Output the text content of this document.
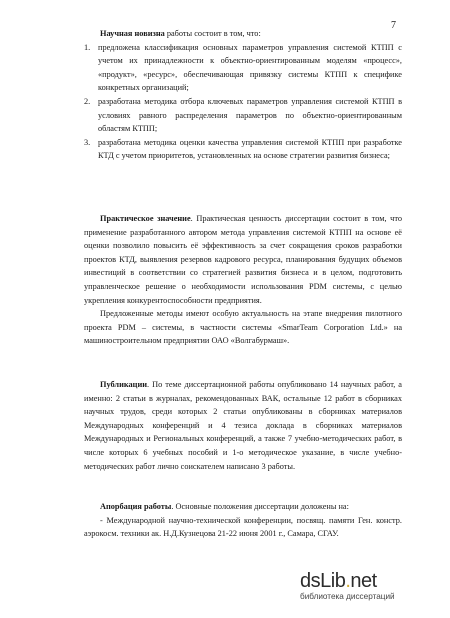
7

Научная новизна работы состоит в том, что:

1. предложена классификация основных параметров управления системой КТПП с учетом их принадлежности к объектно-ориентированным моделям «процесс», «продукт», «ресурс», обеспечивающая привязку системы КТПП к специфике конкретных организаций;
2. разработана методика отбора ключевых параметров управления системой КТПП в условиях равного распределения параметров по объектно-ориентированным областям КТПП;
3. разработана методика оценки качества управления системой КТПП при разработке КТД с учетом приоритетов, установленных на основе стратегии развития бизнеса;

Практическое значение. Практическая ценность диссертации состоит в том, что применение разработанного автором метода управления системой КТПП на основе её оценки позволило повысить её эффективность за счет сокращения сроков разработки проектов КТД, выявления резервов кадрового ресурса, планирования будущих объемов инвестиций в соответствии со стратегией развития бизнеса и в целом, подготовить управленческое решение о необходимости использования PDM системы, с целью укрепления конкурентоспособности предприятия.

Предложенные методы имеют особую актуальность на этапе внедрения пилотного проекта PDM – системы, в частности системы «SmarTeam Corporation Ltd.» на машиностроительном предприятии ОАО «Волгабурмаш».

Публикации. По теме диссертационной работы опубликовано 14 научных работ, а именно: 2 статьи в журналах, рекомендованных ВАК, остальные 12 работ в сборниках научных трудов, среди которых 2 статьи опубликованы в сборниках материалов Международных конференций и 4 тезиса доклада в сборниках материалов Международных и Региональных конференций, а также 7 учебно-методических работ, в числе которых 6 учебных пособий и 1-о методическое указание, в числе учебно-методических работ лично соискателем написано 3 работы.

Апорбация работы. Основные положения диссертации доложены на:

- Международной научно-технической конференции, посвящ. памяти Ген. констр. аэрокосм. техники ак. Н.Д.Кузнецова 21-22 июня 2001 г., Самара, СГАУ.

dsLib.net
библиотека диссертаций
